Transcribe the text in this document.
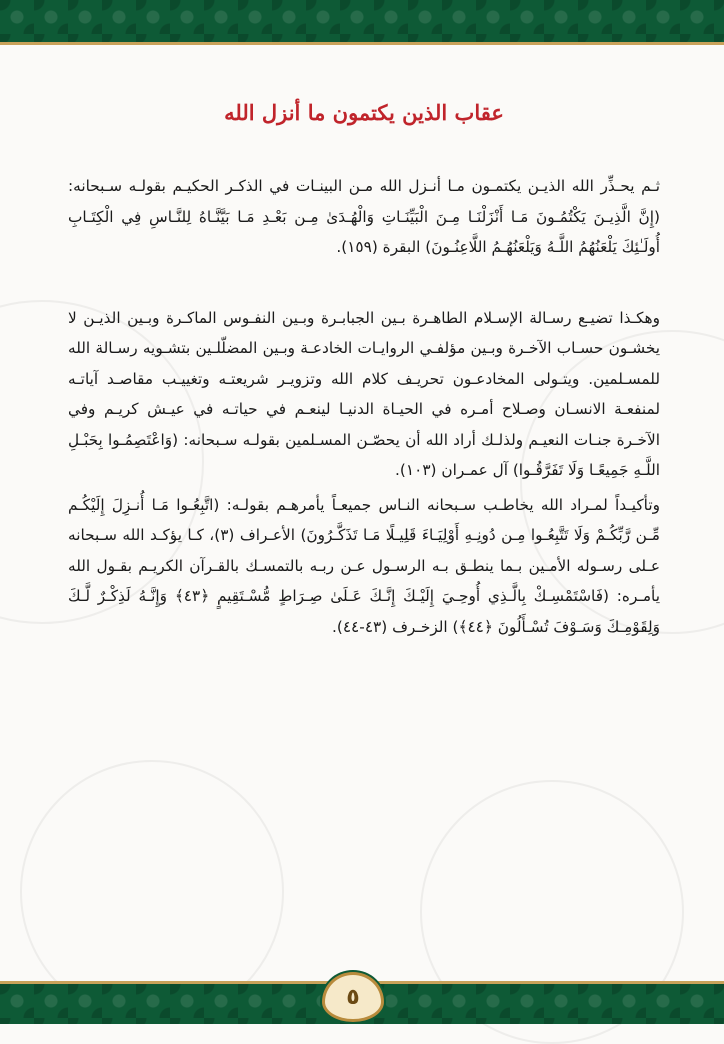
عقاب الذين يكتمون ما أنزل الله

ثـم يحـذِّر الله الذيـن يكتمـون مـا أنـزل الله مـن البينـات في الذكـر الحكيـم بقولـه سـبحانه: (إِنَّ الَّذِيـنَ يَكْتُمُـونَ مَـا أَنْزَلْنَـا مِـنَ الْبَيِّنَـاتِ وَالْهُـدَىٰ مِـن بَعْـدِ مَـا بَيَّنَّـاهُ لِلنَّـاسِ فِي الْكِتَـابِ أُولَـٰئِكَ يَلْعَنُهُمُ اللَّـهُ وَيَلْعَنُهُـمُ اللَّاعِنُـونَ) البقرة (١٥٩).

وهكـذا تضيـع رسـالة الإسـلام الطاهـرة بـين الجبابـرة وبـين النفـوس الماكـرة وبـين الذيـن لا يخشـون حسـاب الآخـرة وبـين مؤلفـي الروايـات الخادعـة وبـين المضلّلـين بتشـويه رسـالة الله للمسـلمين. ويتـولى المخادعـون تحريـف كلام الله وتزويـر شريعتـه وتغييـب مقاصـد آياتـه لمنفعـة الانسـان وصـلاح أمـره في الحيـاة الدنيـا لينعـم في حياتـه في عيـش كريـم وفي الآخـرة جنـات النعيـم ولذلـك أراد الله أن يحصّـن المسـلمين بقولـه سـبحانه: (وَاعْتَصِمُـوا بِحَبْـلِ اللَّـهِ جَمِيعًـا وَلَا تَفَرَّقُـوا) آل عمـران (١٠٣).

وتأكيـداً لمـراد الله يخاطـب سـبحانه النـاس جميعـاً يأمرهـم بقولـه: (اتَّبِعُـوا مَـا أُنـزِلَ إِلَيْكُـم مِّـن رَّبِّكُـمْ وَلَا تَتَّبِعُـوا مِـن دُونِـهِ أَوْلِيَـاءَ قَلِيـلًا مَـا تَذَكَّـرُونَ) الأعـراف (٣)، كـا يؤكـد الله سـبحانه عـلى رسـوله الأمـين بـما ينطـق بـه الرسـول عـن ربـه بالتمسـك بالقـرآن الكريـم بقـول الله يأمـره: (فَاسْتَمْسِـكْ بِالَّـذِي أُوحِـيَ إِلَيْـكَ إِنَّـكَ عَـلَىٰ صِـرَاطٍ مُّسْـتَقِيمٍ ﴿٤٣﴾ وَإِنَّـهُ لَذِكْـرٌ لَّـكَ وَلِقَوْمِـكَ وَسَـوْفَ تُسْـأَلُونَ ﴿٤٤﴾) الزخـرف (٤٣-٤٤).

٥
